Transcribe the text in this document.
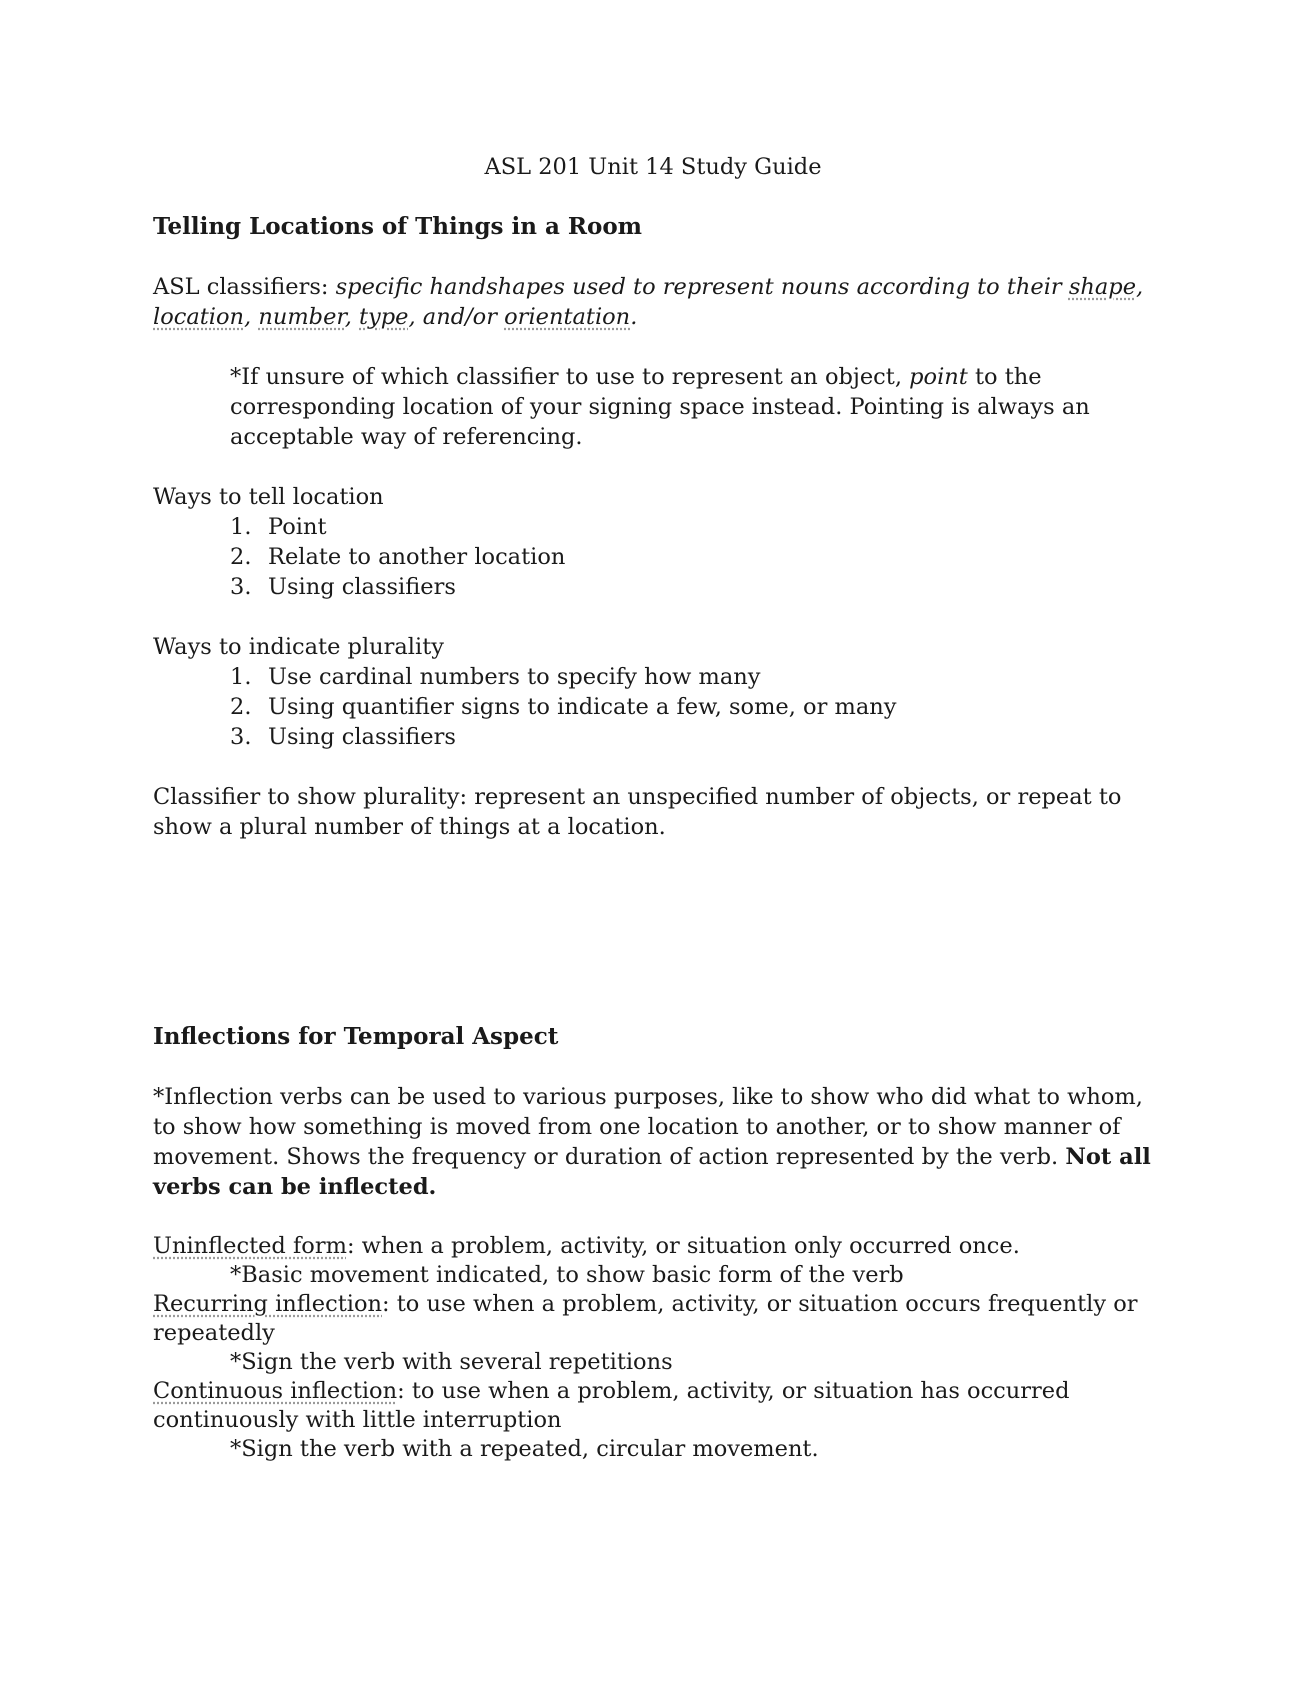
ASL 201 Unit 14 Study Guide
Telling Locations of Things in a Room

ASL classifiers: specific handshapes used to represent nouns according to their shape, location, number, type, and/or orientation.

*If unsure of which classifier to use to represent an object, point to the corresponding location of your signing space instead. Pointing is always an acceptable way of referencing.

Ways to tell location

1. Point
2. Relate to another location
3. Using classifiers

Ways to indicate plurality

1. Use cardinal numbers to specify how many
2. Using quantifier signs to indicate a few, some, or many
3. Using classifiers

Classifier to show plurality: represent an unspecified number of objects, or repeat to show a plural number of things at a location.

Inflections for Temporal Aspect

*Inflection verbs can be used to various purposes, like to show who did what to whom, to show how something is moved from one location to another, or to show manner of movement. Shows the frequency or duration of action represented by the verb. Not all verbs can be inflected.

Uninflected form: when a problem, activity, or situation only occurred once.
*Basic movement indicated, to show basic form of the verb
Recurring inflection: to use when a problem, activity, or situation occurs frequently or repeatedly
*Sign the verb with several repetitions
Continuous inflection: to use when a problem, activity, or situation has occurred continuously with little interruption
*Sign the verb with a repeated, circular movement.
